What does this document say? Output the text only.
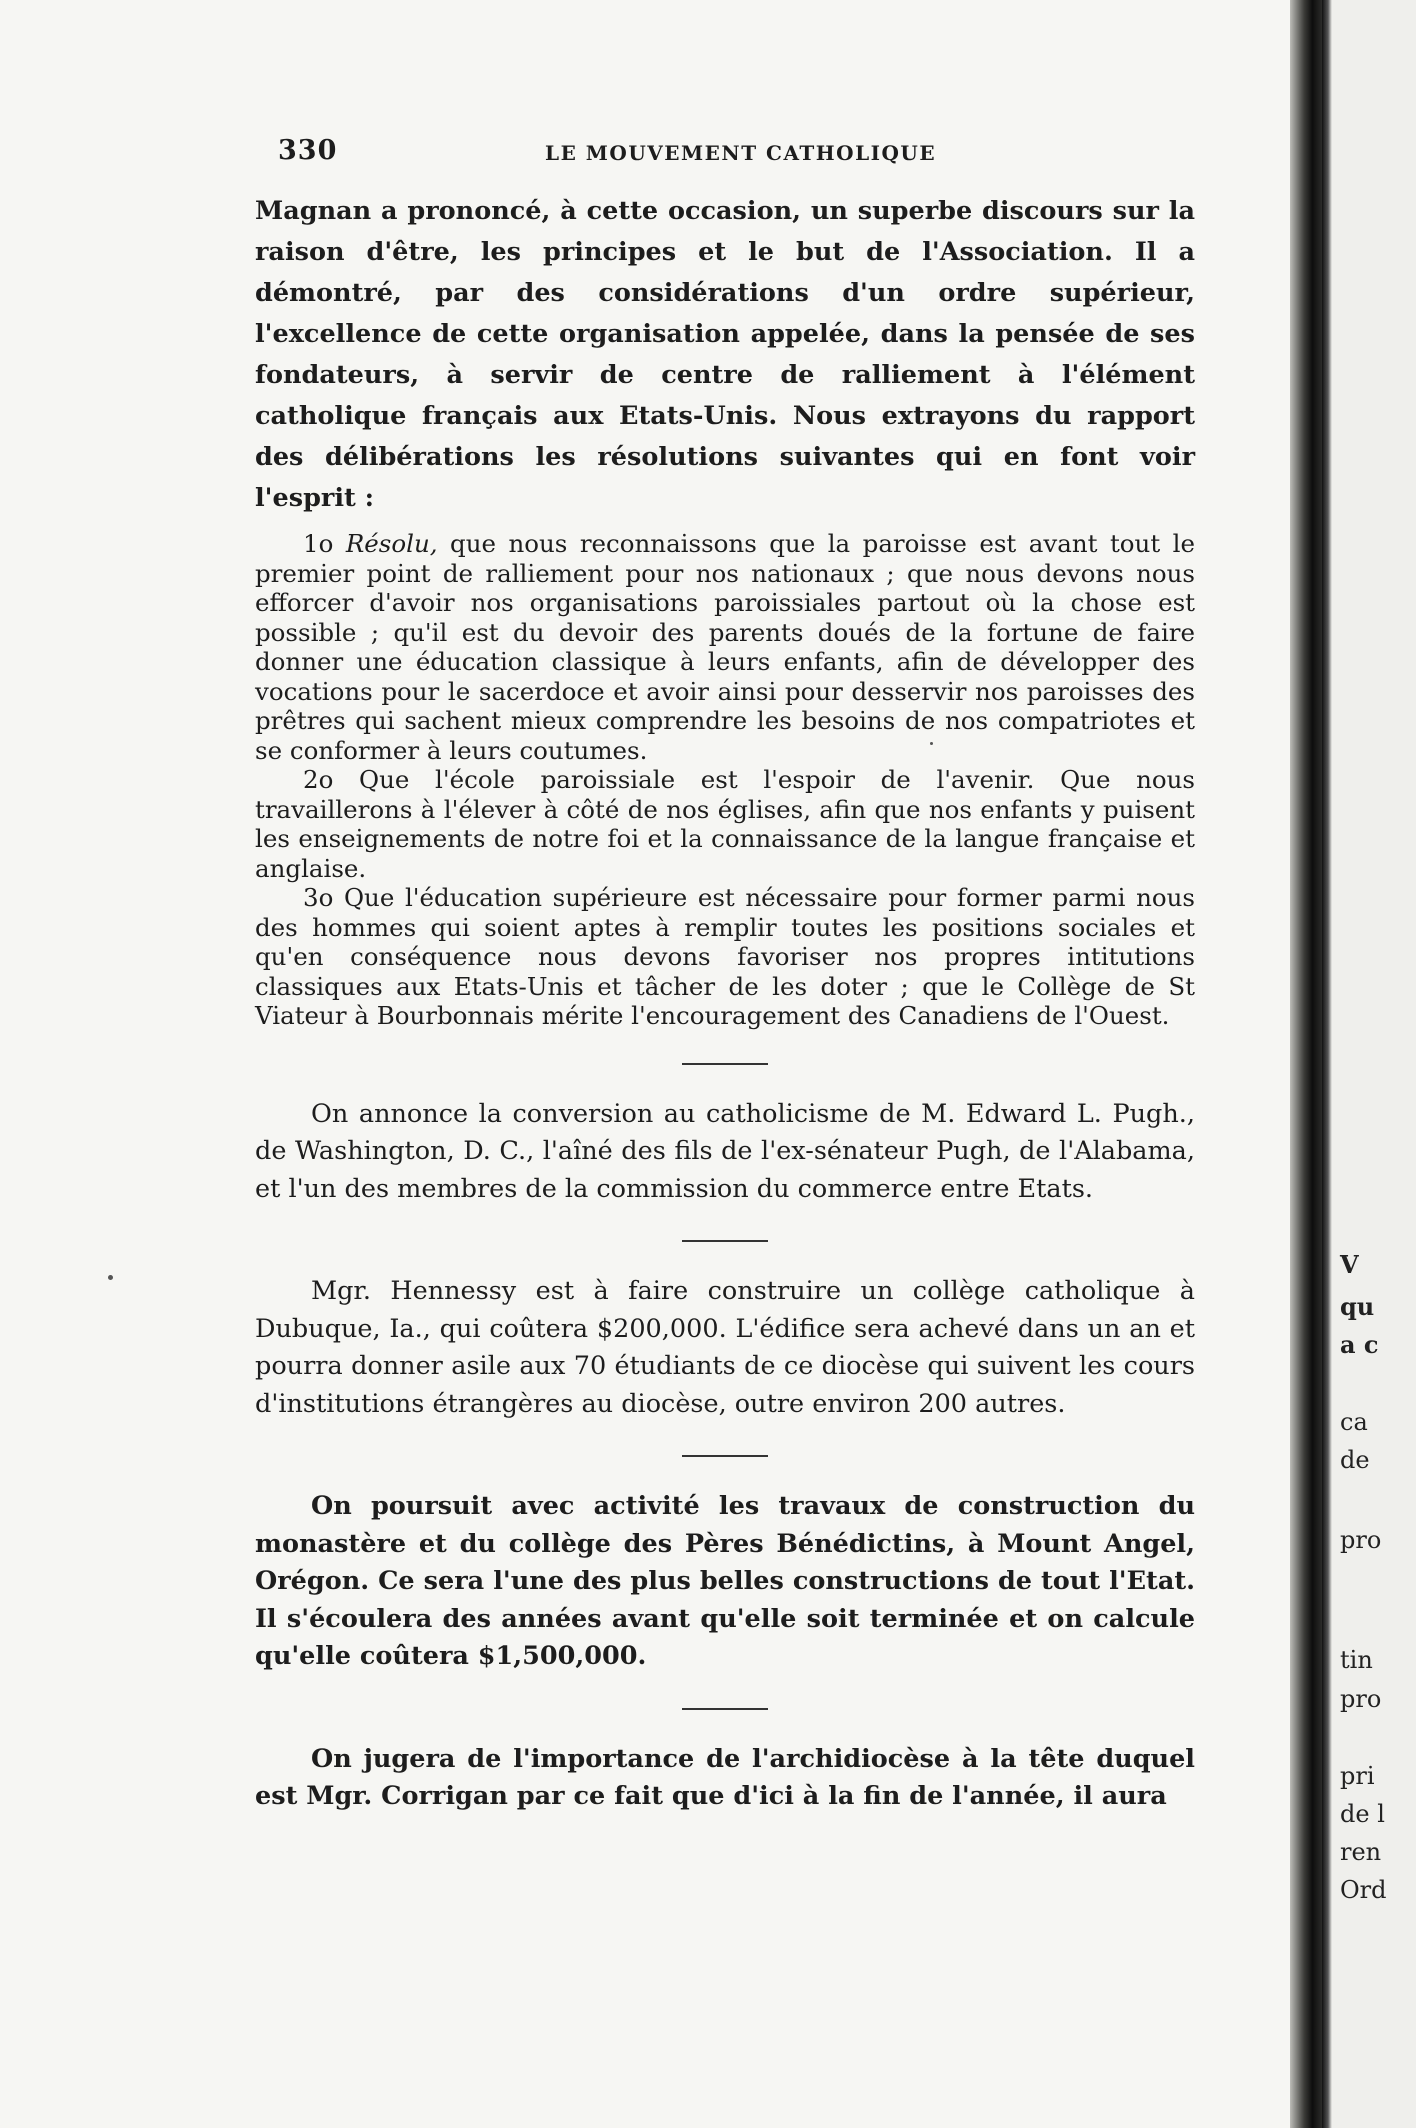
330	LE MOUVEMENT CATHOLIQUE

Magnan a prononcé, à cette occasion, un superbe discours sur la raison d'être, les principes et le but de l'Association. Il a démontré, par des considérations d'un ordre supérieur, l'excellence de cette organisation appelée, dans la pensée de ses fondateurs, à servir de centre de ralliement à l'élément catholique français aux Etats-Unis. Nous extrayons du rapport des délibérations les résolutions suivantes qui en font voir l'esprit :

1o Résolu, que nous reconnaissons que la paroisse est avant tout le premier point de ralliement pour nos nationaux ; que nous devons nous efforcer d'avoir nos organisations paroissiales partout où la chose est possible ; qu'il est du devoir des parents doués de la fortune de faire donner une éducation classique à leurs enfants, afin de développer des vocations pour le sacerdoce et avoir ainsi pour desservir nos paroisses des prêtres qui sachent mieux comprendre les besoins de nos compatriotes et se conformer à leurs coutumes.

2o Que l'école paroissiale est l'espoir de l'avenir. Que nous travaillerons à l'élever à côté de nos églises, afin que nos enfants y puisent les enseignements de notre foi et la connaissance de la langue française et anglaise.

3o Que l'éducation supérieure est nécessaire pour former parmi nous des hommes qui soient aptes à remplir toutes les positions sociales et qu'en conséquence nous devons favoriser nos propres intitutions classiques aux Etats-Unis et tâcher de les doter ; que le Collège de St Viateur à Bourbonnais mérite l'encouragement des Canadiens de l'Ouest.

On annonce la conversion au catholicisme de M. Edward L. Pugh., de Washington, D. C., l'aîné des fils de l'ex-sénateur Pugh, de l'Alabama, et l'un des membres de la commission du commerce entre Etats.

Mgr. Hennessy est à faire construire un collège catholique à Dubuque, Ia., qui coûtera $200,000. L'édifice sera achevé dans un an et pourra donner asile aux 70 étudiants de ce diocèse qui suivent les cours d'institutions étrangères au diocèse, outre environ 200 autres.

On poursuit avec activité les travaux de construction du monastère et du collège des Pères Bénédictins, à Mount Angel, Orégon. Ce sera l'une des plus belles constructions de tout l'Etat. Il s'écoulera des années avant qu'elle soit terminée et on calcule qu'elle coûtera $1,500,000.

On jugera de l'importance de l'archidiocèse à la tête duquel est Mgr. Corrigan par ce fait que d'ici à la fin de l'année, il aura

V
qu
a c
ca
de
pro
tin
pro
pri
de l
ren
Ord
